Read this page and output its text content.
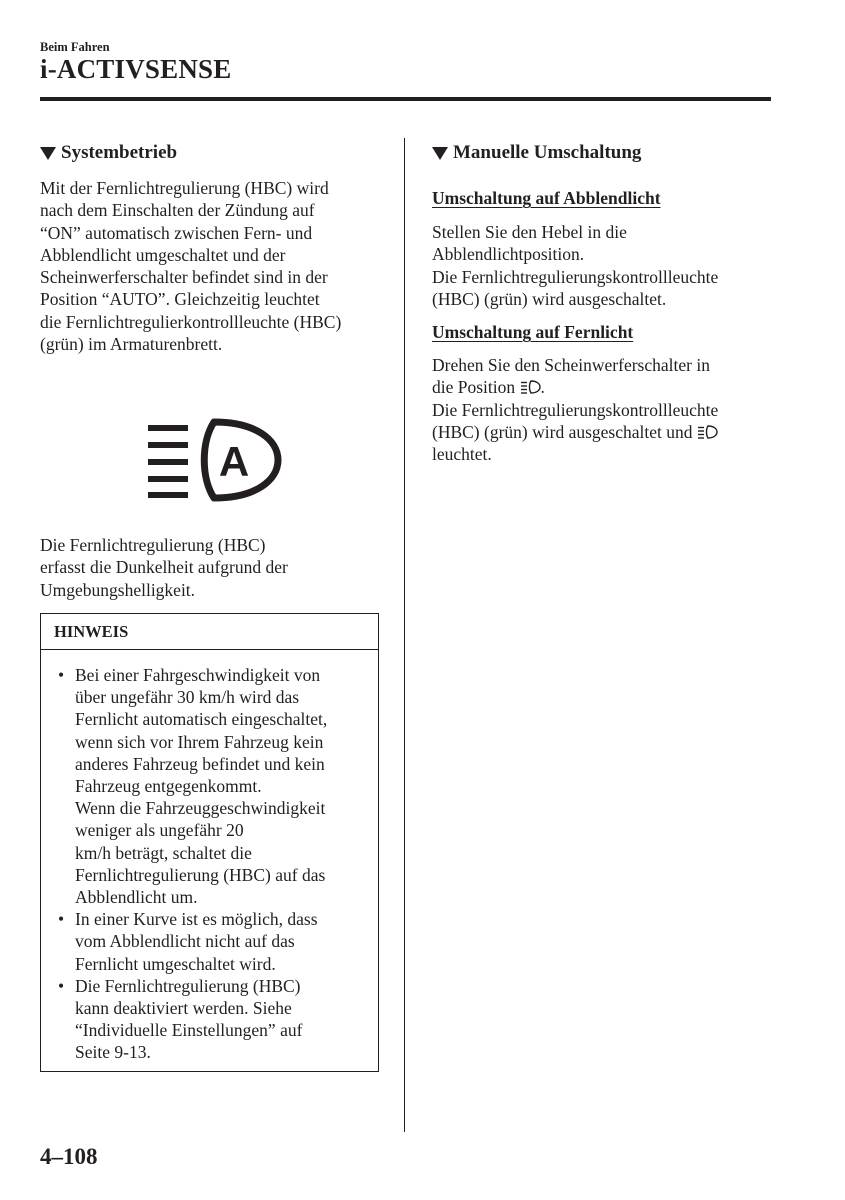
Beim Fahren
i-ACTIVSENSE
Systembetrieb
Mit der Fernlichtregulierung (HBC) wird
nach dem Einschalten der Zündung auf
“ON” automatisch zwischen Fern- und
Abblendlicht umgeschaltet und der
Scheinwerferschalter befindet sind in der
Position “AUTO”. Gleichzeitig leuchtet
die Fernlichtregulierkontrollleuchte (HBC)
(grün) im Armaturenbrett.
A
Die Fernlichtregulierung (HBC)
erfasst die Dunkelheit aufgrund der
Umgebungshelligkeit.
HINWEIS
• Bei einer Fahrgeschwindigkeit von
über ungefähr 30 km/h wird das
Fernlicht automatisch eingeschaltet,
wenn sich vor Ihrem Fahrzeug kein
anderes Fahrzeug befindet und kein
Fahrzeug entgegenkommt.
Wenn die Fahrzeuggeschwindigkeit
weniger als ungefähr 20
km/h beträgt, schaltet die
Fernlichtregulierung (HBC) auf das
Abblendlicht um.
• In einer Kurve ist es möglich, dass
vom Abblendlicht nicht auf das
Fernlicht umgeschaltet wird.
• Die Fernlichtregulierung (HBC)
kann deaktiviert werden. Siehe
“Individuelle Einstellungen” auf
Seite 9-13.
Manuelle Umschaltung
Umschaltung auf Abblendlicht
Stellen Sie den Hebel in die
Abblendlichtposition.
Die Fernlichtregulierungskontrollleuchte
(HBC) (grün) wird ausgeschaltet.
Umschaltung auf Fernlicht
Drehen Sie den Scheinwerferschalter in
die Position .
Die Fernlichtregulierungskontrollleuchte
(HBC) (grün) wird ausgeschaltet und
leuchtet.
4–108
